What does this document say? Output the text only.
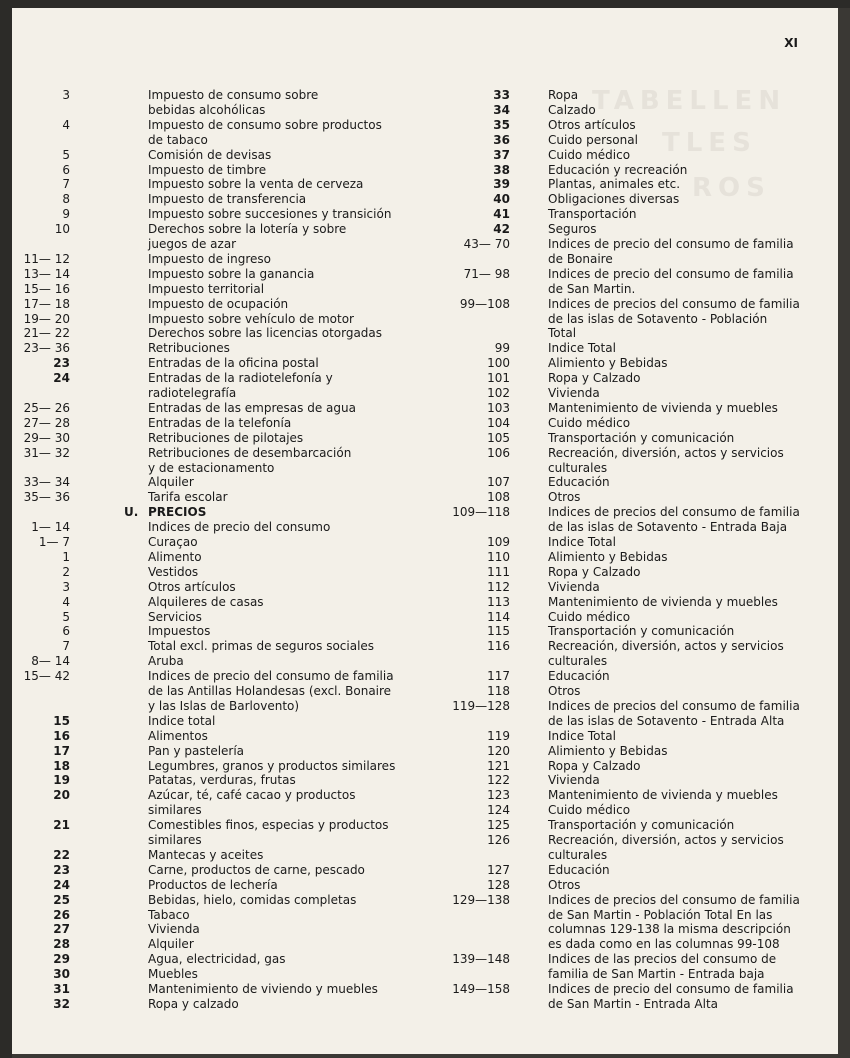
TABELLEN
TLES
ROS
XI
3	Impuesto de consumo sobre
bebidas alcohólicas
4	Impuesto de consumo sobre productos
de tabaco
5	Comisión de devisas
6	Impuesto de timbre
7	Impuesto sobre la venta de cerveza
8	Impuesto de transferencia
9	Impuesto sobre succesiones y transición
10	Derechos sobre la lotería y sobre
juegos de azar
11— 12	Impuesto de ingreso
13— 14	Impuesto sobre la ganancia
15— 16	Impuesto territorial
17— 18	Impuesto de ocupación
19— 20	Impuesto sobre vehículo de motor
21— 22	Derechos sobre las licencias otorgadas
23— 36	Retribuciones
23	Entradas de la oficina postal
24	Entradas de la radiotelefonía y
radiotelegrafía
25— 26	Entradas de las empresas de agua
27— 28	Entradas de la telefonía
29— 30	Retribuciones de pilotajes
31— 32	Retribuciones de desembarcación
y de estacionamento
33— 34	Alquiler
35— 36	Tarifa escolar
U. PRECIOS
1— 14	Indices de precio del consumo
1— 7	Curaçao
1	Alimento
2	Vestidos
3	Otros artículos
4	Alquileres de casas
5	Servicios
6	Impuestos
7	Total excl. primas de seguros sociales
8— 14	Aruba
15— 42	Indices de precio del consumo de familia
de las Antillas Holandesas (excl. Bonaire
y las Islas de Barlovento)
15	Indice total
16	Alimentos
17	Pan y pastelería
18	Legumbres, granos y productos similares
19	Patatas, verduras, frutas
20	Azúcar, té, café cacao y productos
similares
21	Comestibles finos, especias y productos
similares
22	Mantecas y aceites
23	Carne, productos de carne, pescado
24	Productos de lechería
25	Bebidas, hielo, comidas completas
26	Tabaco
27	Vivienda
28	Alquiler
29	Agua, electricidad, gas
30	Muebles
31	Mantenimiento de viviendo y muebles
32	Ropa y calzado
33	Ropa
34	Calzado
35	Otros artículos
36	Cuido personal
37	Cuido médico
38	Educación y recreación
39	Plantas, animales etc.
40	Obligaciones diversas
41	Transportación
42	Seguros
43— 70	Indices de precio del consumo de familia
de Bonaire
71— 98	Indices de precio del consumo de familia
de San Martin.
99—108	Indices de precios del consumo de familia
de las islas de Sotavento - Población
Total
99	Indice Total
100	Alimiento y Bebidas
101	Ropa y Calzado
102	Vivienda
103	Mantenimiento de vivienda y muebles
104	Cuido médico
105	Transportación y comunicación
106	Recreación, diversión, actos y servicios
culturales
107	Educación
108	Otros
109—118	Indices de precios del consumo de familia
de las islas de Sotavento - Entrada Baja
109	Indice Total
110	Alimiento y Bebidas
111	Ropa y Calzado
112	Vivienda
113	Mantenimiento de vivienda y muebles
114	Cuido médico
115	Transportación y comunicación
116	Recreación, diversión, actos y servicios
culturales
117	Educación
118	Otros
119—128	Indices de precios del consumo de familia
de las islas de Sotavento - Entrada Alta
119	Indice Total
120	Alimiento y Bebidas
121	Ropa y Calzado
122	Vivienda
123	Mantenimiento de vivienda y muebles
124	Cuido médico
125	Transportación y comunicación
126	Recreación, diversión, actos y servicios
culturales
127	Educación
128	Otros
129—138	Indices de precios del consumo de familia
de San Martin - Población Total En las
columnas 129-138 la misma descripción
es dada como en las columnas 99-108
139—148	Indices de las precios del consumo de
familia de San Martin - Entrada baja
149—158	Indices de precio del consumo de familia
de San Martin - Entrada Alta
